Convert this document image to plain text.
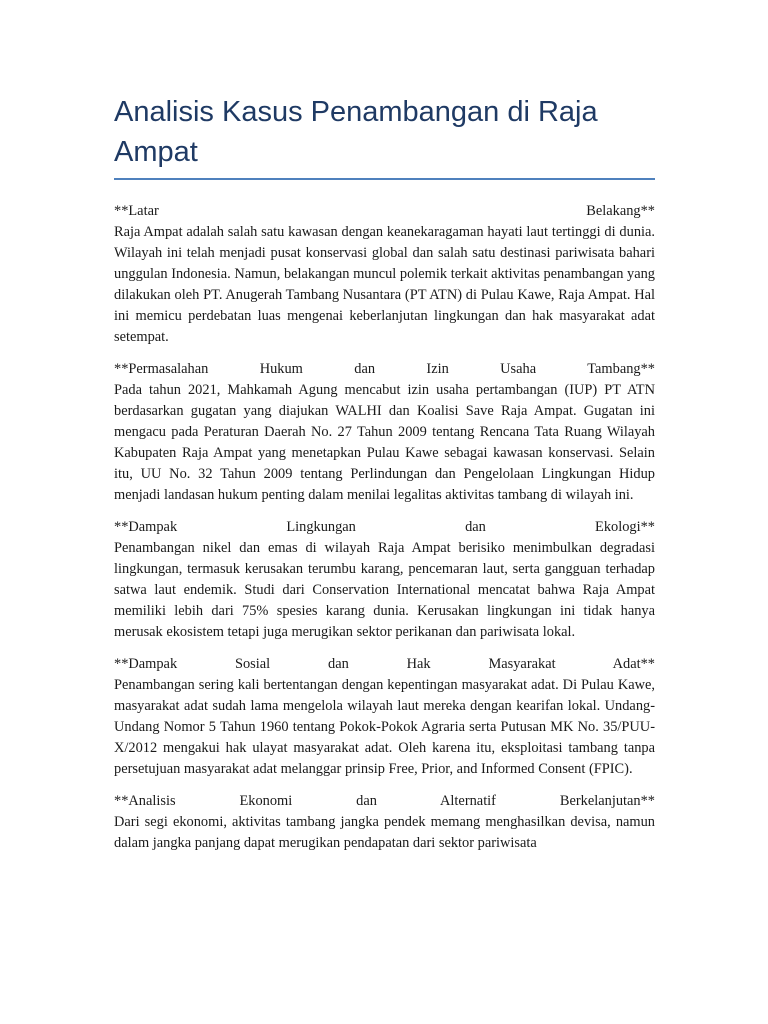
Analisis Kasus Penambangan di Raja Ampat
**Latar Belakang**
Raja Ampat adalah salah satu kawasan dengan keanekaragaman hayati laut tertinggi di dunia. Wilayah ini telah menjadi pusat konservasi global dan salah satu destinasi pariwisata bahari unggulan Indonesia. Namun, belakangan muncul polemik terkait aktivitas penambangan yang dilakukan oleh PT. Anugerah Tambang Nusantara (PT ATN) di Pulau Kawe, Raja Ampat. Hal ini memicu perdebatan luas mengenai keberlanjutan lingkungan dan hak masyarakat adat setempat.
**Permasalahan Hukum dan Izin Usaha Tambang**
Pada tahun 2021, Mahkamah Agung mencabut izin usaha pertambangan (IUP) PT ATN berdasarkan gugatan yang diajukan WALHI dan Koalisi Save Raja Ampat. Gugatan ini mengacu pada Peraturan Daerah No. 27 Tahun 2009 tentang Rencana Tata Ruang Wilayah Kabupaten Raja Ampat yang menetapkan Pulau Kawe sebagai kawasan konservasi. Selain itu, UU No. 32 Tahun 2009 tentang Perlindungan dan Pengelolaan Lingkungan Hidup menjadi landasan hukum penting dalam menilai legalitas aktivitas tambang di wilayah ini.
**Dampak Lingkungan dan Ekologi**
Penambangan nikel dan emas di wilayah Raja Ampat berisiko menimbulkan degradasi lingkungan, termasuk kerusakan terumbu karang, pencemaran laut, serta gangguan terhadap satwa laut endemik. Studi dari Conservation International mencatat bahwa Raja Ampat memiliki lebih dari 75% spesies karang dunia. Kerusakan lingkungan ini tidak hanya merusak ekosistem tetapi juga merugikan sektor perikanan dan pariwisata lokal.
**Dampak Sosial dan Hak Masyarakat Adat**
Penambangan sering kali bertentangan dengan kepentingan masyarakat adat. Di Pulau Kawe, masyarakat adat sudah lama mengelola wilayah laut mereka dengan kearifan lokal. Undang-Undang Nomor 5 Tahun 1960 tentang Pokok-Pokok Agraria serta Putusan MK No. 35/PUU-X/2012 mengakui hak ulayat masyarakat adat. Oleh karena itu, eksploitasi tambang tanpa persetujuan masyarakat adat melanggar prinsip Free, Prior, and Informed Consent (FPIC).
**Analisis Ekonomi dan Alternatif Berkelanjutan**
Dari segi ekonomi, aktivitas tambang jangka pendek memang menghasilkan devisa, namun dalam jangka panjang dapat merugikan pendapatan dari sektor pariwisata
